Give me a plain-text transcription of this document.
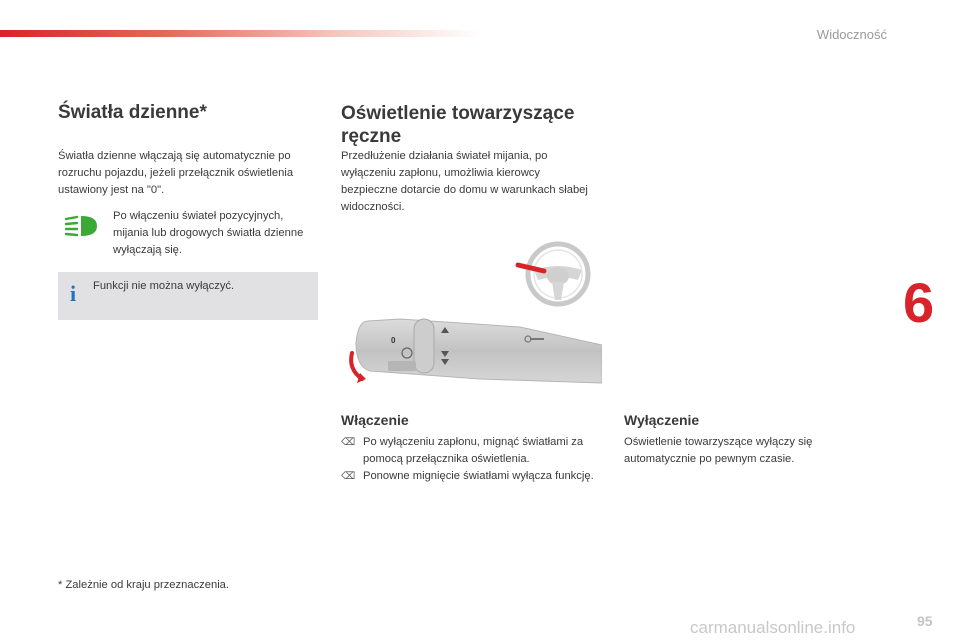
Widoczność
6
Światła dzienne*

Światła dzienne włączają się automatycznie po rozruchu pojazdu, jeżeli przełącznik oświetlenia ustawiony jest na "0".

Po włączeniu świateł pozycyjnych, mijania lub drogowych światła dzienne wyłączają się.

i Funkcji nie można wyłączyć.

* Zależnie od kraju przeznaczenia.

Oświetlenie towarzyszące ręczne

Przedłużenie działania świateł mijania, po wyłączeniu zapłonu, umożliwia kierowcy bezpieczne dotarcie do domu w warunkach słabej widoczności.

0
Włączenie
⌫ Po wyłączeniu zapłonu, mignąć światłami za pomocą przełącznika oświetlenia.
⌫ Ponowne mignięcie światłami wyłącza funkcję.
Wyłączenie

Oświetlenie towarzyszące wyłączy się automatycznie po pewnym czasie.

95
carmanualsonline.info
